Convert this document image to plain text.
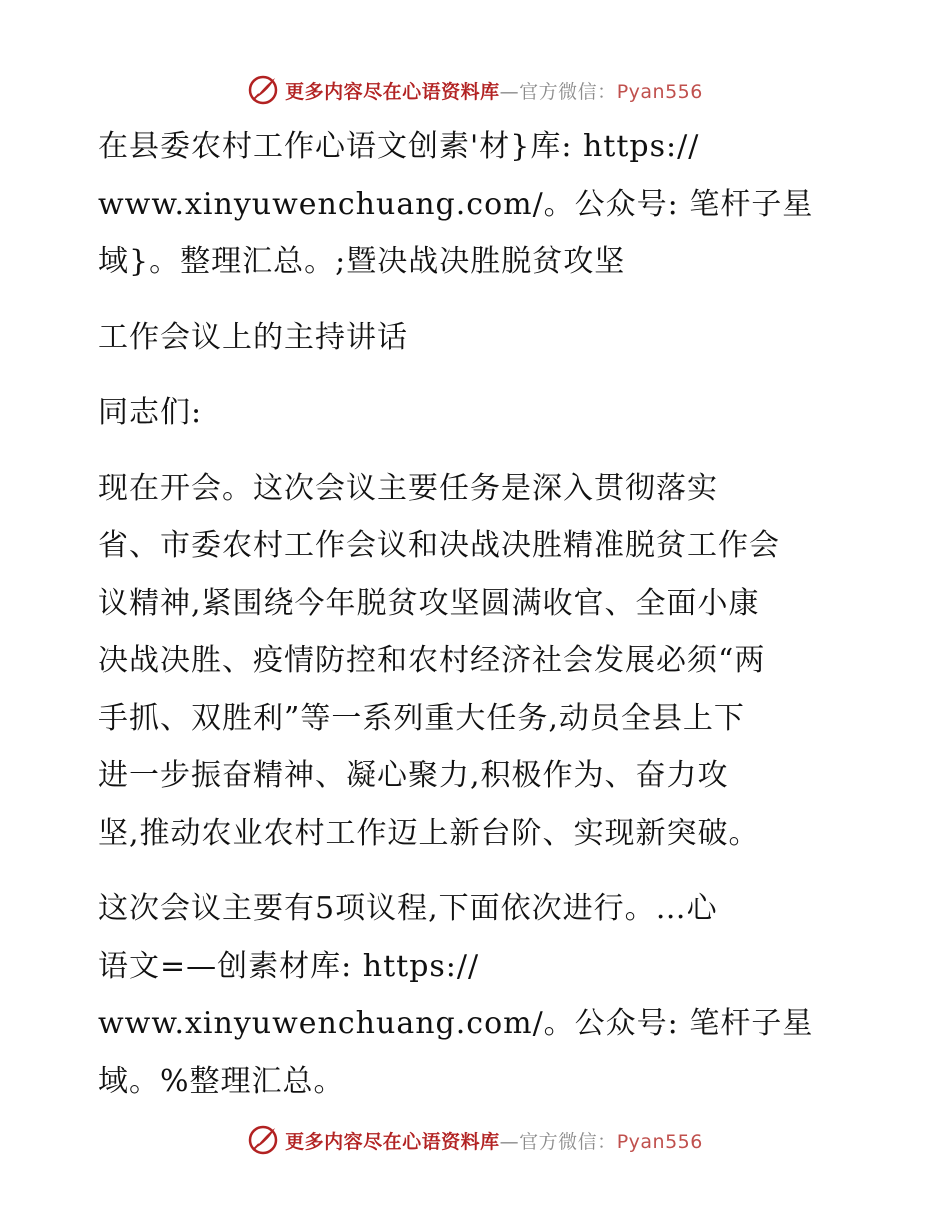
更多内容尽在心语资料库—官方微信：Pyan556

在县委农村工作心语文创素'材}库: https://
www.xinyuwenchuang.com/。公众号: 笔杆子星
域}。整理汇总。;暨决战决胜脱贫攻坚

工作会议上的主持讲话

同志们:

现在开会。这次会议主要任务是深入贯彻落实
省、市委农村工作会议和决战决胜精准脱贫工作会
议精神,紧围绕今年脱贫攻坚圆满收官、全面小康
决战决胜、疫情防控和农村经济社会发展必须“两
手抓、双胜利”等一系列重大任务,动员全县上下
进一步振奋精神、凝心聚力,积极作为、奋力攻
坚,推动农业农村工作迈上新台阶、实现新突破。

这次会议主要有5项议程,下面依次进行。…心
语文=—创素材库: https://
www.xinyuwenchuang.com/。公众号: 笔杆子星
域。%整理汇总。

更多内容尽在心语资料库—官方微信：Pyan556
